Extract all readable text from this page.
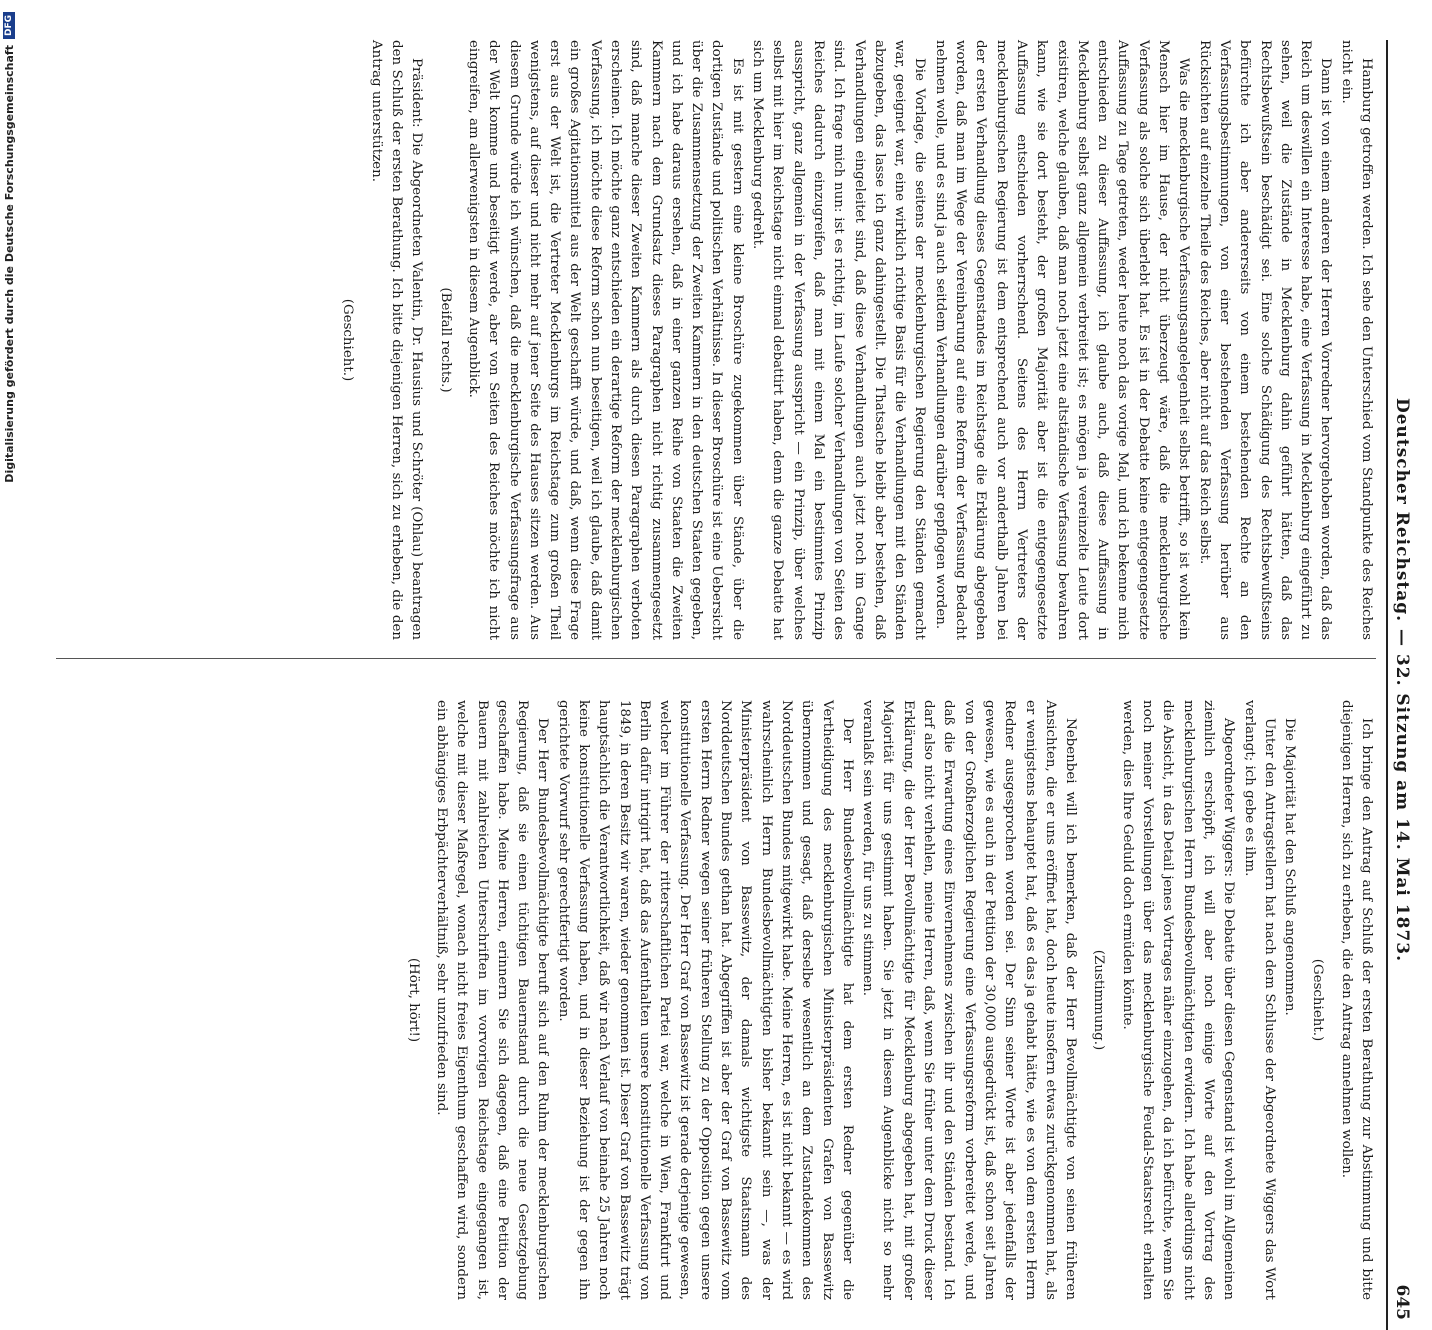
Deutscher Reichstag. — 32. Sitzung am 14. Mai 1873.
645

Hamburg getroffen werden. Ich sehe den Unterschied vom Standpunkte des Reiches nicht ein.

Dann ist von einem anderen der Herren Vorredner hervorgehoben worden, daß das Reich um deswillen ein Interesse habe, eine Verfassung in Mecklenburg eingeführt zu sehen, weil die Zustände in Mecklenburg dahin geführt hätten, daß das Rechtsbewußtsein beschädigt sei. Eine solche Schädigung des Rechtsbewußtseins befürchte ich aber andererseits von einem bestehenden Rechte an den Verfassungsbestimmungen, von einer bestehenden Verfassung herüber aus Rücksichten auf einzelne Theile des Reiches, aber nicht auf das Reich selbst.

Was die mecklenburgische Verfassungsangelegenheit selbst betrifft, so ist wohl kein Mensch hier im Hause, der nicht überzeugt wäre, daß die mecklenburgische Verfassung als solche sich überlebt hat. Es ist in der Debatte keine entgegengesetzte Auffassung zu Tage getreten, weder heute noch das vorige Mal, und ich bekenne mich entschieden zu dieser Auffassung, ich glaube auch, daß diese Auffassung in Mecklenburg selbst ganz allgemein verbreitet ist; es mögen ja vereinzelte Leute dort existiren, welche glauben, daß man noch jetzt eine altständische Verfassung bewahren kann, wie sie dort besteht, der großen Majorität aber ist die entgegengesetzte Auffassung entschieden vorherrschend. Seitens des Herrn Vertreters der mecklenburgischen Regierung ist dem entsprechend auch vor anderthalb Jahren bei der ersten Verhandlung dieses Gegenstandes im Reichstage die Erklärung abgegeben worden, daß man im Wege der Vereinbarung auf eine Reform der Verfassung Bedacht nehmen wolle, und es sind ja auch seitdem Verhandlungen darüber gepflogen worden.

Die Vorlage, die seitens der mecklenburgischen Regierung den Ständen gemacht war, geeignet war, eine wirklich richtige Basis für die Verhandlungen mit den Ständen abzugeben, das lasse ich ganz dahingestellt. Die Thatsache bleibt aber bestehen, daß Verhandlungen eingeleitet sind, daß diese Verhandlungen auch jetzt noch im Gange sind. Ich frage mich nun: ist es richtig, im Laufe solcher Verhandlungen von Seiten des Reiches dadurch einzugreifen, daß man mit einem Mal ein bestimmtes Prinzip ausspricht, ganz allgemein in der Verfassung ausspricht — ein Prinzip, über welches selbst mit hier im Reichstage nicht einmal debattirt haben, denn die ganze Debatte hat sich um Mecklenburg gedreht.

Es ist mit gestern eine kleine Broschüre zugekommen über Stände, über die dortigen Zustände und politischen Verhältnisse. In dieser Broschüre ist eine Uebersicht über die Zusammensetzung der Zweiten Kammern in den deutschen Staaten gegeben, und ich habe daraus ersehen, daß in einer ganzen Reihe von Staaten die Zweiten Kammern nach dem Grundsatz dieses Paragraphen nicht richtig zusammengesetzt sind, daß manche dieser Zweiten Kammern als durch diesen Paragraphen verboten erscheinen. Ich möchte ganz entschieden ein derartige Reform der mecklenburgischen Verfassung, ich möchte diese Reform schon nun beseitigen, weil ich glaube, daß damit ein großes Agitationsmittel aus der Welt geschafft würde, und daß, wenn diese Frage erst aus der Welt ist, die Vertreter Mecklenburgs im Reichstage zum großen Theil wenigstens, auf dieser und nicht mehr auf jener Seite des Hauses sitzen werden. Aus diesem Grunde würde ich wünschen, daß die mecklenburgische Verfassungsfrage aus der Welt komme und beseitigt werde, aber von Seiten des Reiches möchte ich nicht eingreifen, am allerwenigsten in diesem Augenblick.

(Beifall rechts.)

Präsident: Die Abgeordneten Valentin, Dr. Hausius und Schröter (Ohlau) beantragen den Schluß der ersten Berathung. Ich bitte diejenigen Herren, sich zu erheben, die den Antrag unterstützen.

(Geschieht.)

Ich bringe den Antrag auf Schluß der ersten Berathung zur Abstimmung und bitte diejenigen Herren, sich zu erheben, die den Antrag annehmen wollen.

(Geschieht.)

Die Majorität hat den Schluß angenommen.

Unter den Antragstellern hat nach dem Schlusse der Abgeordnete Wiggers das Wort verlangt; ich gebe es ihm.

Abgeordneter Wiggers: Die Debatte über diesen Gegenstand ist wohl im Allgemeinen ziemlich erschöpft, ich will aber noch einige Worte auf den Vortrag des mecklenburgischen Herrn Bundesbevollmächtigten erwidern. Ich habe allerdings nicht die Absicht, in das Detail jenes Vortrages näher einzugehen, da ich befürchte, wenn Sie noch meiner Vorstellungen über das mecklenburgische Feudal-Staatsrecht erhalten werden, dies Ihre Geduld doch ermüden könnte.

(Zustimmung.)

Nebenbei will ich bemerken, daß der Herr Bevollmächtigte von seinen früheren Ansichten, die er uns eröffnet hat, doch heute insofern etwas zurückgenommen hat, als er wenigstens behauptet hat, daß es das ja gehabt hätte, wie es von dem ersten Herrn Redner ausgesprochen worden sei. Der Sinn seiner Worte ist aber jedenfalls der gewesen, wie es auch in der Petition der 30,000 ausgedrückt ist, daß schon seit Jahren von der Großherzoglichen Regierung eine Verfassungsreform vorbereitet werde, und daß die Erwartung eines Einvernehmens zwischen ihr und den Ständen bestand. Ich darf also nicht verhehlen, meine Herren, daß, wenn Sie früher unter dem Druck dieser Erklärung, die der Herr Bevollmächtigte für Mecklenburg abgegeben hat, mit großer Majorität für uns gestimmt haben. Sie jetzt in diesem Augenblicke nicht so mehr veranlaßt sein werden, für uns zu stimmen.

Der Herr Bundesbevollmächtigte hat dem ersten Redner gegenüber die Vertheidigung des mecklenburgischen Ministerpräsidenten Grafen von Bassewitz übernommen und gesagt, daß derselbe wesentlich an dem Zustandekommen des Norddeutschen Bundes mitgewirkt habe. Meine Herren, es ist nicht bekannt — es wird wahrscheinlich Herrn Bundesbevollmächtigten bisher bekannt sein —, was der Ministerpräsident von Bassewitz, der damals wichtigste Staatsmann des Norddeutschen Bundes gethan hat. Abgegriffen ist aber der Graf von Bassewitz vom ersten Herrn Redner wegen seiner früheren Stellung zu der Opposition gegen unsere konstitutionelle Verfassung. Der Herr Graf von Bassewitz ist gerade derjenige gewesen, welcher im Führer der ritterschaftlichen Partei war, welche in Wien, Frankfurt und Berlin dafür intrigirt hat, daß das Aufenthalten unsere konstitutionelle Verfassung von 1849, in deren Besitz wir waren, wieder genommen ist. Dieser Graf von Bassewitz trägt hauptsächlich die Verantwortlichkeit, daß wir nach Verlauf von beinahe 25 Jahren noch keine konstitutionelle Verfassung haben, und in dieser Beziehung ist der gegen ihn gerichtete Vorwurf sehr gerechtfertigt worden.

Der Herr Bundesbevollmächtigte beruft sich auf den Ruhm der mecklenburgischen Regierung, daß sie einen tüchtigen Bauernstand durch die neue Gesetzgebung geschaffen habe. Meine Herren, erinnern Sie sich dagegen, daß eine Petition der Bauern mit zahlreichen Unterschriften im vorvorigen Reichstage eingegangen ist, welche mit dieser Maßregel, wonach nicht freies Eigenthum geschaffen wird, sondern ein abhängiges Erbpächterverhältniß, sehr unzufrieden sind.

(Hört, hört!)

Digitalisierung gefördert durch die Deutsche Forschungsgemeinschaft
DFG
